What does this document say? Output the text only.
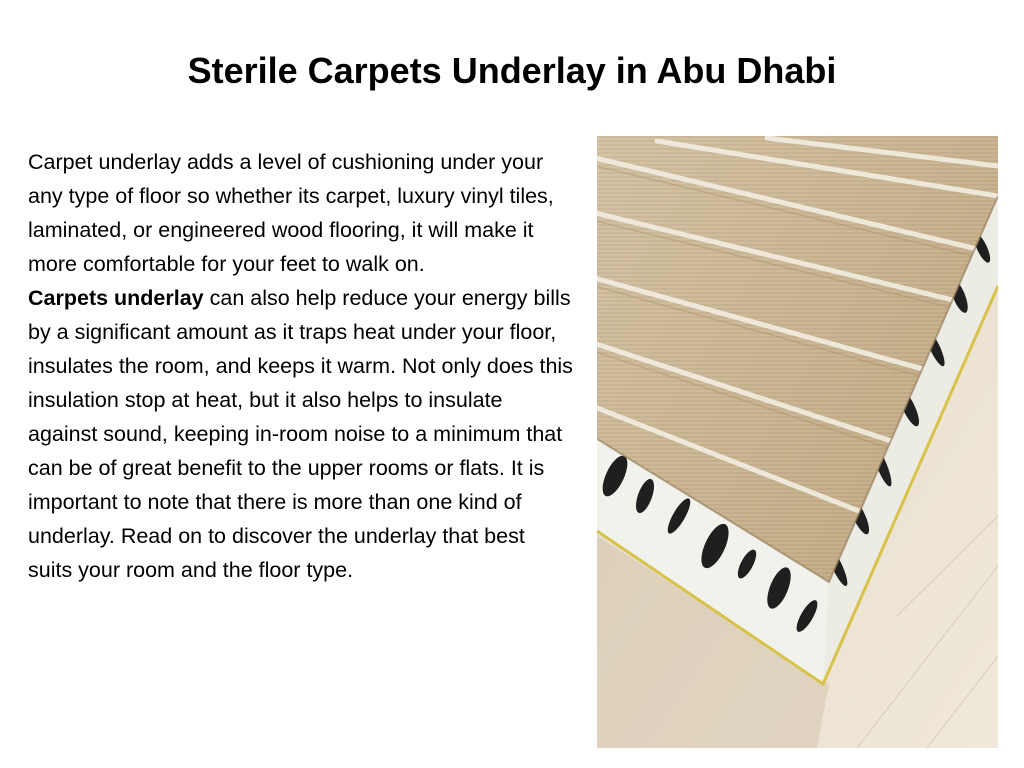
Sterile Carpets Underlay in Abu Dhabi

Carpet underlay adds a level of cushioning under your any type of floor so whether its carpet, luxury vinyl tiles, laminated, or engineered wood flooring, it will make it more comfortable for your feet to walk on.

Carpets underlay can also help reduce your energy bills by a significant amount as it traps heat under your floor, insulates the room, and keeps it warm. Not only does this insulation stop at heat, but it also helps to insulate against sound, keeping in-room noise to a minimum that can be of great benefit to the upper rooms or flats. It is important to note that there is more than one kind of underlay. Read on to discover the underlay that best suits your room and the floor type.
